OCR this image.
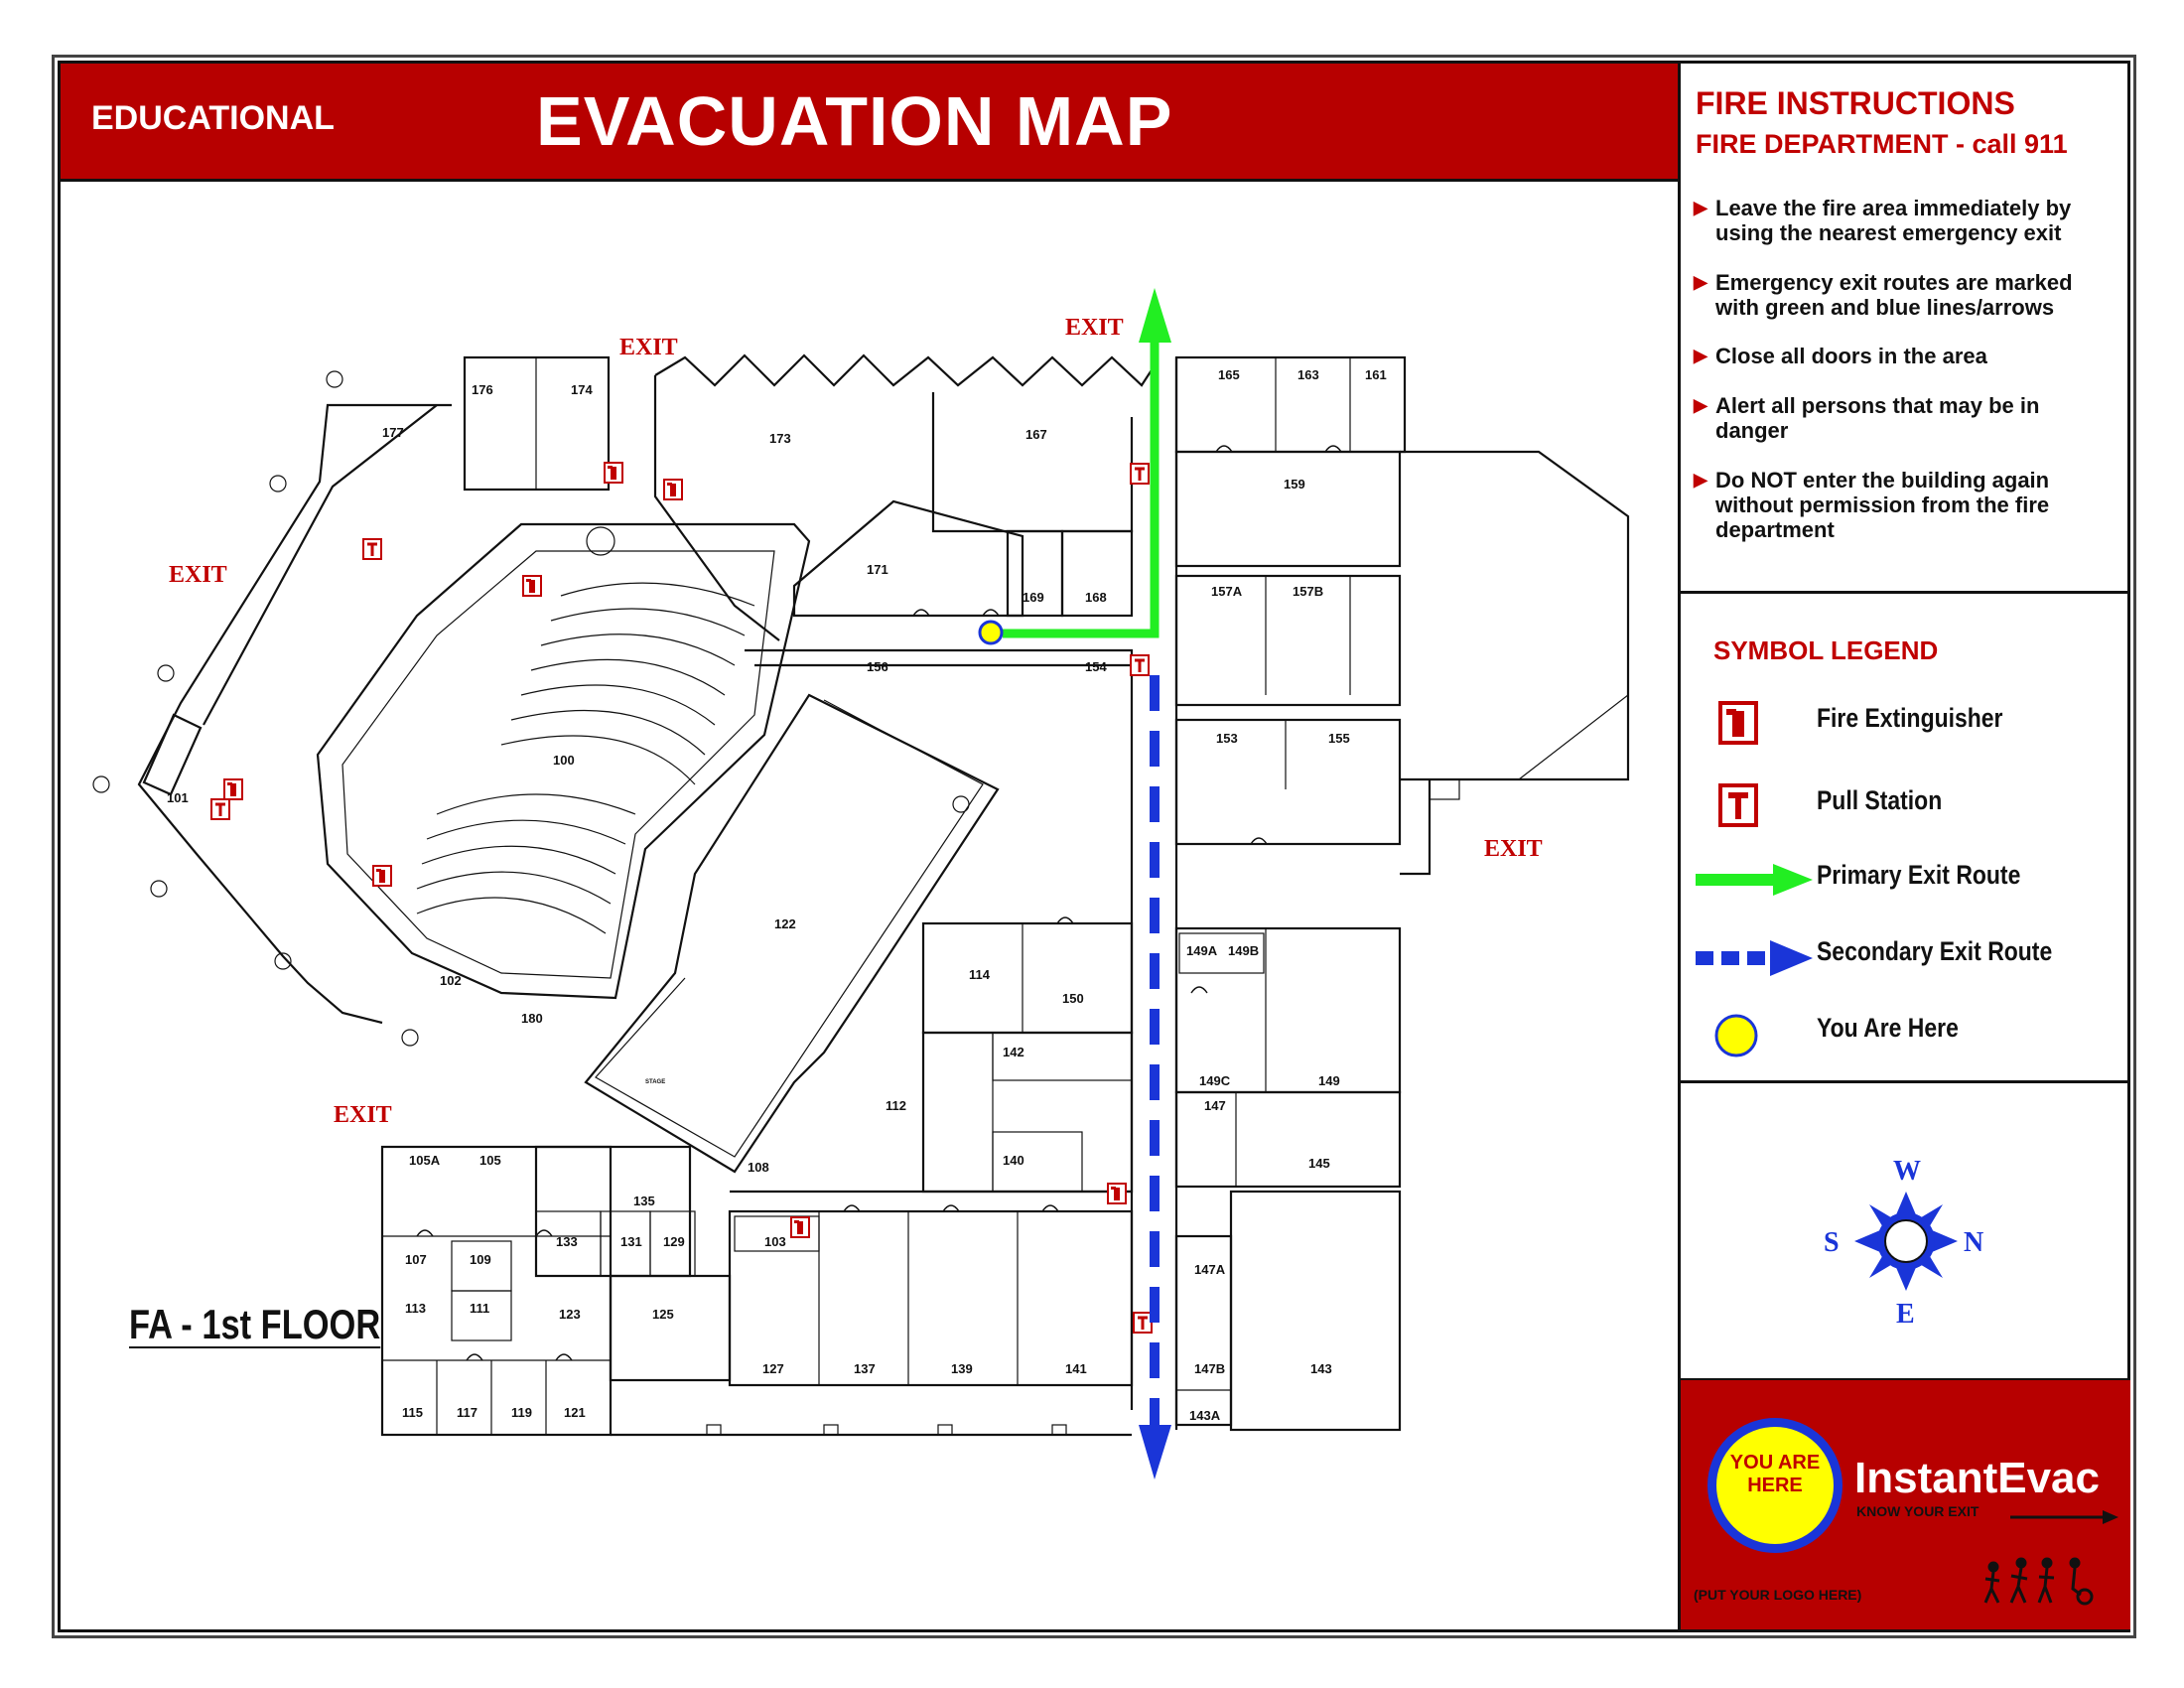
EDUCATIONAL	EVACUATION MAP	FIRE INSTRUCTIONS
FIRE DEPARTMENT - call 911
▶ Leave the fire area immediately by using the nearest emergency exit
▶ Emergency exit routes are marked with green and blue lines/arrows
▶ Close all doors in the area
▶ Alert all persons that may be in danger
▶ Do NOT enter the building again without permission from the fire department
SYMBOL LEGEND
Fire Extinguisher
Pull Station
Primary Exit Route
Secondary Exit Route
You Are Here
YOU ARE HERE	InstantEvac
KNOW YOUR EXIT
(PUT YOUR LOGO HERE)
FA - 1st FLOOR
EXIT
EXIT
EXIT
EXIT
EXIT
176	174
177	173	167
165	163	161
159
171
169	168	157A	157B
156	154
153	155
100
101
122
114
150
149A 149B
142
149C	149
147
112
102
180
140	145
105A	105	108
135
133	131 129	103
107	109
113	111	123	125
147A
127	137	139	141	143
147B
115	117	119 121	143A
STAGE
W
S	N
E
